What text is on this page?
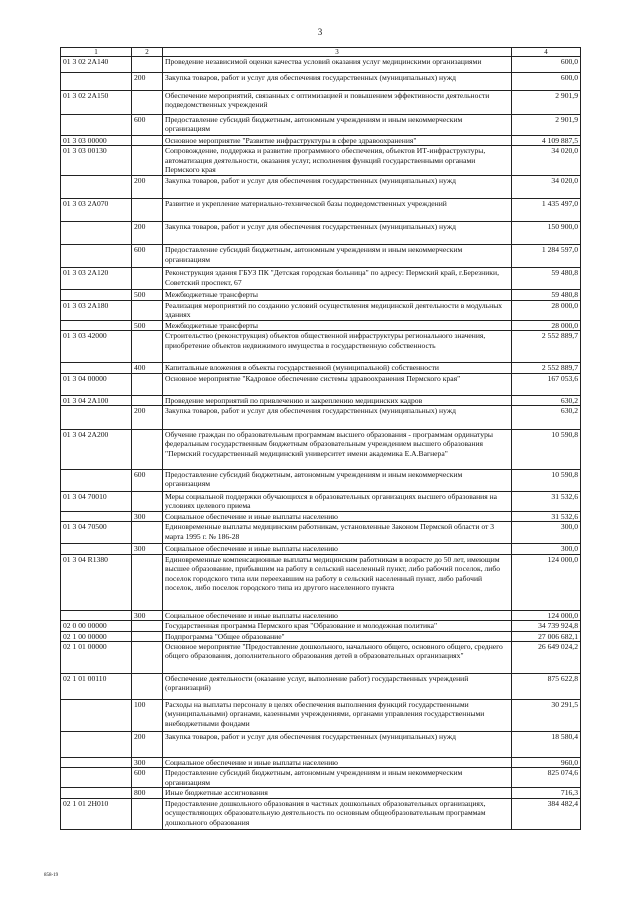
3
1	2	3	4
01 3 02 2А140		Проведение независимой оценки качества условий оказания услуг медицинскими организациями	600,0
	200	Закупка товаров, работ и услуг для обеспечения государственных (муниципальных) нужд	600,0
01 3 02 2А150		Обеспечение мероприятий, связанных с оптимизацией и повышением эффективности деятельности подведомственных учреждений	2 901,9
	600	Предоставление субсидий бюджетным, автономным учреждениям и иным некоммерческим организациям	2 901,9
01 3 03 00000		Основное мероприятие "Развитие инфраструктуры в сфере здравоохранения"	4 109 887,5
01 3 03 00130		Сопровождение, поддержка и развитие программного обеспечения, объектов ИТ-инфраструктуры, автоматизация деятельности, оказания услуг, исполнения функций государственными органами Пермского края	34 020,0
	200	Закупка товаров, работ и услуг для обеспечения государственных (муниципальных) нужд	34 020,0
01 3 03 2А070		Развитие и укрепление материально-технической базы подведомственных учреждений	1 435 497,0
	200	Закупка товаров, работ и услуг для обеспечения государственных (муниципальных) нужд	150 900,0
	600	Предоставление субсидий бюджетным, автономным учреждениям и иным некоммерческим организациям	1 284 597,0
01 3 03 2А120		Реконструкция здания ГБУЗ ПК "Детская городская больница" по адресу: Пермский край, г.Березники, Советский проспект, 67	59 480,8
	500	Межбюджетные трансферты	59 480,8
01 3 03 2А180		Реализация мероприятий по созданию условий осуществления медицинской деятельности в модульных зданиях	28 000,0
	500	Межбюджетные трансферты	28 000,0
01 3 03 42000		Строительство (реконструкция) объектов общественной инфраструктуры регионального значения, приобретение объектов недвижимого имущества в государственную собственность	2 552 889,7
	400	Капитальные вложения в объекты государственной (муниципальной) собственности	2 552 889,7
01 3 04 00000		Основное мероприятие "Кадровое обеспечение системы здравоохранения Пермского края"	167 053,6
01 3 04 2А100		Проведение мероприятий по привлечению и закреплению медицинских кадров	630,2
	200	Закупка товаров, работ и услуг для обеспечения государственных (муниципальных) нужд	630,2
01 3 04 2А200		Обучение граждан по образовательным программам высшего образования - программам ординатуры федеральным государственным бюджетным образовательным учреждением высшего образования "Пермский государственный медицинский университет имени академика Е.А.Вагнера"	10 590,8
	600	Предоставление субсидий бюджетным, автономным учреждениям и иным некоммерческим организациям	10 590,8
01 3 04 70010		Меры социальной поддержки обучающихся в образовательных организациях высшего образования на условиях целевого приема	31 532,6
	300	Социальное обеспечение и иные выплаты населению	31 532,6
01 3 04 70500		Единовременные выплаты медицинским работникам, установленные Законом Пермской области от 3 марта 1995 г. № 186-28	300,0
	300	Социальное обеспечение и иные выплаты населению	300,0
01 3 04 R1380		Единовременные компенсационные выплаты медицинским работникам в возрасте до 50 лет, имеющим высшее образование, прибывшим на работу в сельский населенный пункт, либо рабочий поселок, либо поселок городского типа или переехавшим на работу в сельский населенный пункт, либо рабочий поселок, либо поселок городского типа из другого населенного пункта	124 000,0
	300	Социальное обеспечение и иные выплаты населению	124 000,0
02 0 00 00000		Государственная программа Пермского края "Образование и молодежная политика"	34 739 924,8
02 1 00 00000		Подпрограмма "Общее образование"	27 006 682,1
02 1 01 00000		Основное мероприятие "Предоставление дошкольного, начального общего, основного общего, среднего общего образования, дополнительного образования детей в образовательных организациях"	26 649 024,2
02 1 01 00110		Обеспечение деятельности (оказание услуг, выполнение работ) государственных учреждений (организаций)	875 622,8
	100	Расходы на выплаты персоналу в целях обеспечения выполнения функций государственными (муниципальными) органами, казенными учреждениями, органами управления государственными внебюджетными фондами	30 291,5
	200	Закупка товаров, работ и услуг для обеспечения государственных (муниципальных) нужд	18 580,4
	300	Социальное обеспечение и иные выплаты населению	960,0
	600	Предоставление субсидий бюджетным, автономным учреждениям и иным некоммерческим организациям	825 074,6
	800	Иные бюджетные ассигнования	716,3
02 1 01 2Н010		Предоставление дошкольного образования в частных дошкольных образовательных организациях, осуществляющих образовательную деятельность по основным общеобразовательным программам дошкольного образования	384 482,4
858-19
